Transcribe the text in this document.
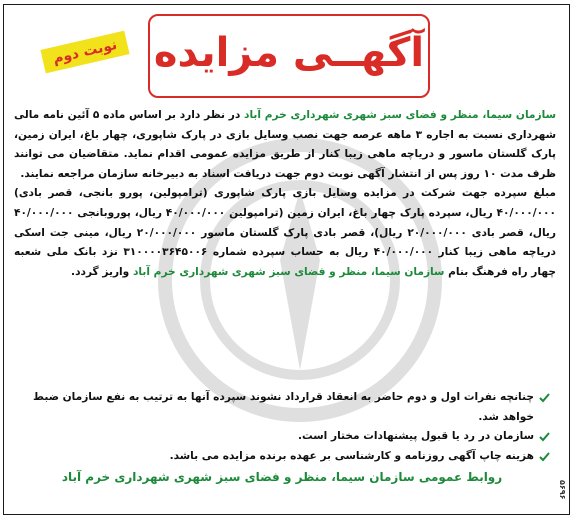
آگهــی مزایده
نوبت دوم

سازمان سیما، منظر و فضای سبز شهری شهرداری خرم آباد در نظر دارد بر اساس ماده ۵ آئین نامه مالی شهرداری نسبت به اجاره ۳ ماهه عرصه جهت نصب وسایل بازی در پارک شاپوری، چهار باغ، ایران زمین، پارک گلستان ماسور و دریاچه ماهی زیبا کنار از طریق مزایده عمومی اقدام نماید. متقاضیان می توانند ظرف مدت ۱۰ روز پس از انتشار آگهی نوبت دوم جهت دریافت اسناد به دبیرخانه سازمان مراجعه نمایند.

مبلغ سپرده جهت شرکت در مزایده وسایل بازی پارک شاپوری (ترامپولین، پورو بانجی، قصر بادی) ۴۰/۰۰۰/۰۰۰ ریال، سپرده پارک چهار باغ، ایران زمین (ترامپولین ۴۰/۰۰۰/۰۰۰ ریال، پوروبانجی ۴۰/۰۰۰/۰۰۰ ریال، قصر بادی ۲۰/۰۰۰/۰۰۰ ریال)، قصر بادی پارک گلستان ماسور ۲۰/۰۰۰/۰۰۰ ریال، مینی جت اسکی دریاچه ماهی زیبا کنار ۴۰/۰۰۰/۰۰۰ ریال به حساب سپرده شماره ۳۱۰۰۰۰۳۶۴۵۰۰۶ نزد بانک ملی شعبه چهار راه فرهنگ بنام سازمان سیما، منظر و فضای سبز شهری شهرداری خرم آباد واریز گردد.

چنانچه نفرات اول و دوم حاضر به انعقاد قرارداد نشوند سپرده آنها به ترتیب به نفع سازمان ضبط خواهد شد.
سازمان در رد یا قبول پیشنهادات مختار است.
هزینه چاپ آگهی روزنامه و کارشناسی بر عهده برنده مزایده می باشد.
روابط عمومی سازمان سیما، منظر و فضای سبز شهری شهرداری خرم آباد
۵۶۹۶
